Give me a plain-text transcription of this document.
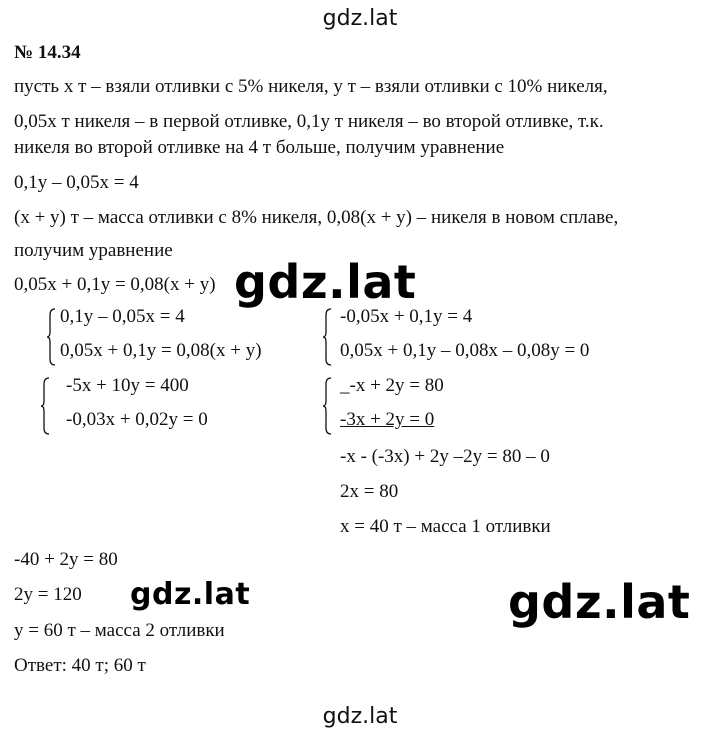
gdz.lat
№ 14.34
пусть х т – взяли отливки с 5% никеля, у т – взяли отливки с 10% никеля,
0,05х т никеля – в первой отливке, 0,1у т никеля – во второй отливке, т.к.
никеля во второй отливке на 4 т больше, получим уравнение
0,1у – 0,05х = 4
(х + у) т – масса отливки с 8% никеля, 0,08(х + у) – никеля в новом сплаве,
получим уравнение
0,05х + 0,1у = 0,08(х + у) gdz.lat
0,1у – 0,05х = 4
0,05х + 0,1у = 0,08(х + у)
-0,05х + 0,1у = 4
0,05х + 0,1у – 0,08х – 0,08у = 0
-5х + 10у = 400
-0,03х + 0,02у = 0
_-х + 2у = 80
-3х + 2у = 0
-х - (-3х) + 2у –2у = 80 – 0
2х = 80
х = 40 т – масса 1 отливки
-40 + 2у = 80
2у = 120
у = 60 т – масса 2 отливки
Ответ: 40 т; 60 т
gdz.lat	gdz.lat
gdz.lat
